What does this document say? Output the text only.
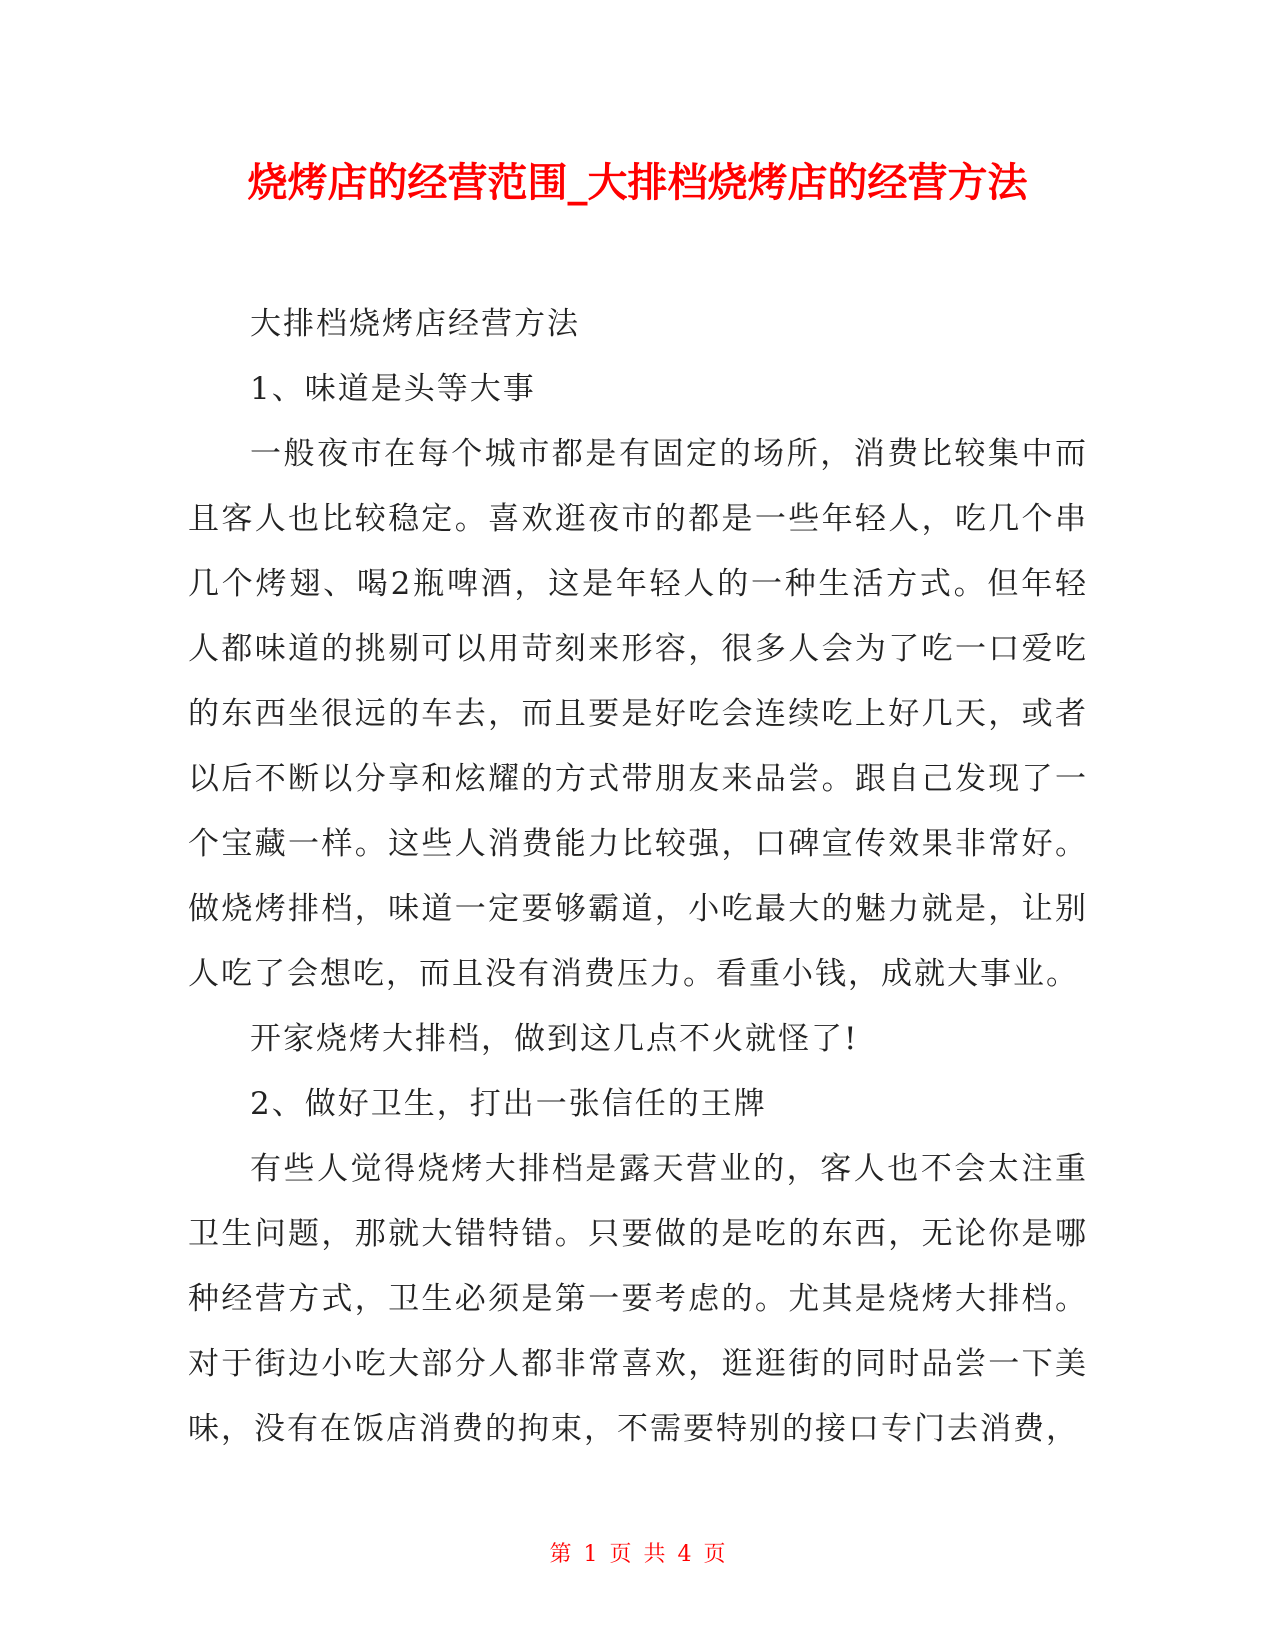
烧烤店的经营范围_大排档烧烤店的经营方法

大排档烧烤店经营方法

1、味道是头等大事

一般夜市在每个城市都是有固定的场所，消费比较集中而且客人也比较稳定。喜欢逛夜市的都是一些年轻人，吃几个串几个烤翅、喝2瓶啤酒，这是年轻人的一种生活方式。但年轻人都味道的挑剔可以用苛刻来形容，很多人会为了吃一口爱吃的东西坐很远的车去，而且要是好吃会连续吃上好几天，或者以后不断以分享和炫耀的方式带朋友来品尝。跟自己发现了一个宝藏一样。这些人消费能力比较强，口碑宣传效果非常好。做烧烤排档，味道一定要够霸道，小吃最大的魅力就是，让别人吃了会想吃，而且没有消费压力。看重小钱，成就大事业。

开家烧烤大排档，做到这几点不火就怪了!

2、做好卫生，打出一张信任的王牌

有些人觉得烧烤大排档是露天营业的，客人也不会太注重卫生问题，那就大错特错。只要做的是吃的东西，无论你是哪种经营方式，卫生必须是第一要考虑的。尤其是烧烤大排档。对于街边小吃大部分人都非常喜欢，逛逛街的同时品尝一下美味，没有在饭店消费的拘束，不需要特别的接口专门去消费，

第 1 页 共 4 页
